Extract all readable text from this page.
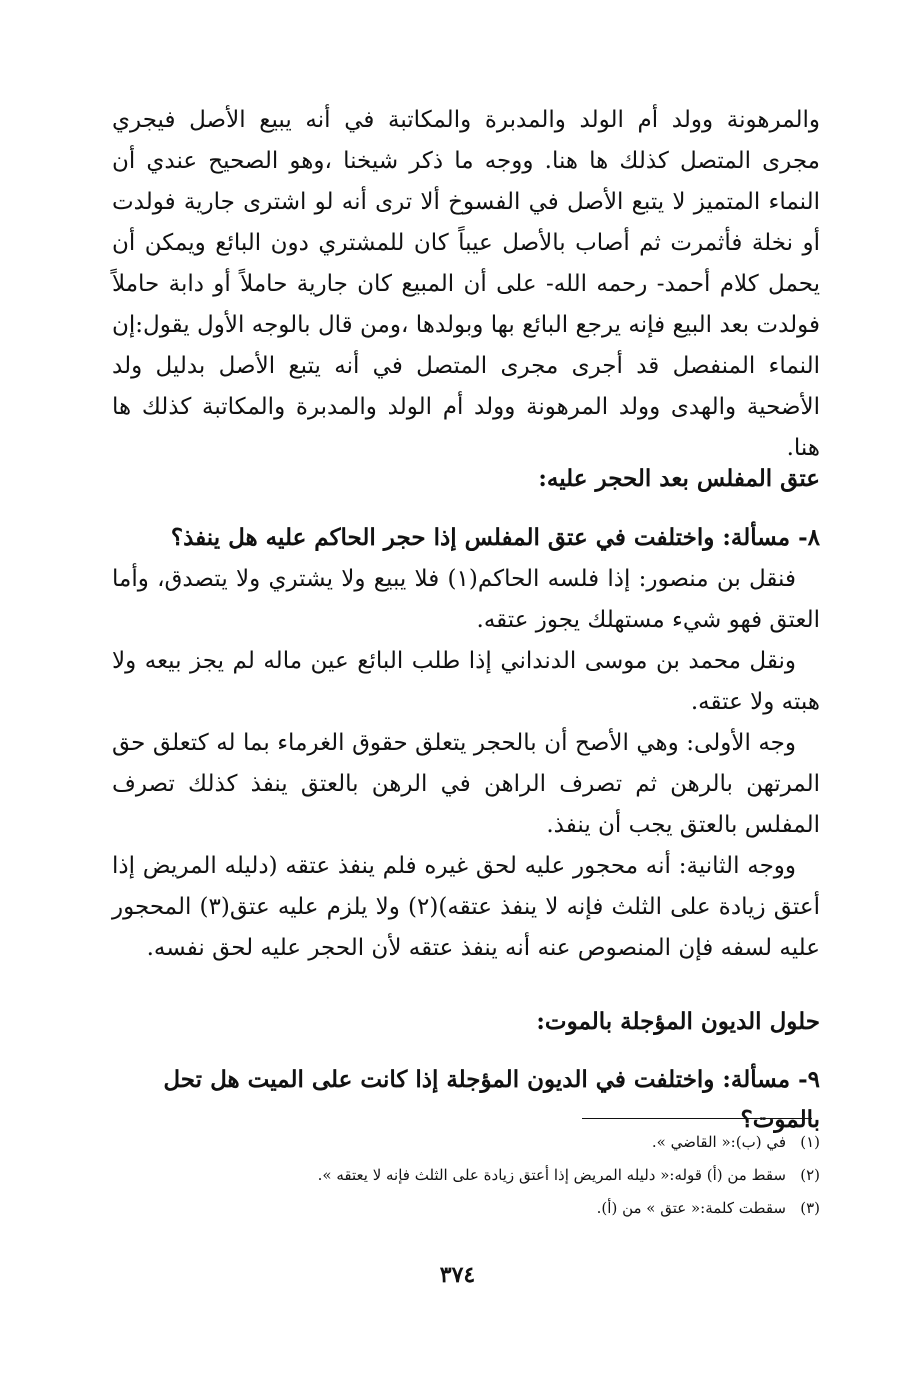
والمرهونة وولد أم الولد والمدبرة والمكاتبة في أنه يبيع الأصل فيجري مجرى المتصل كذلك ها هنا. ووجه ما ذكر شيخنا ،وهو الصحيح عندي أن النماء المتميز لا يتبع الأصل في الفسوخ ألا ترى أنه لو اشترى جارية فولدت أو نخلة فأثمرت ثم أصاب بالأصل عيباً كان للمشتري دون البائع ويمكن أن يحمل كلام أحمد- رحمه الله- على أن المبيع كان جارية حاملاً أو دابة حاملاً فولدت بعد البيع فإنه يرجع البائع بها وبولدها ،ومن قال بالوجه الأول يقول:إن النماء المنفصل قد أجرى مجرى المتصل في أنه يتبع الأصل بدليل ولد الأضحية والهدى وولد المرهونة وولد أم الولد والمدبرة والمكاتبة كذلك ها هنا.

عتق المفلس بعد الحجر عليه:

٨- مسألة: واختلفت في عتق المفلس إذا حجر الحاكم عليه هل ينفذ؟

فنقل بن منصور: إذا فلسه الحاكم(١) فلا يبيع ولا يشتري ولا يتصدق، وأما العتق فهو شيء مستهلك يجوز عتقه.

ونقل محمد بن موسى الدنداني إذا طلب البائع عين ماله لم يجز بيعه ولا هبته ولا عتقه.

وجه الأولى: وهي الأصح أن بالحجر يتعلق حقوق الغرماء بما له كتعلق حق المرتهن بالرهن ثم تصرف الراهن في الرهن بالعتق ينفذ كذلك تصرف المفلس بالعتق يجب أن ينفذ.

ووجه الثانية: أنه محجور عليه لحق غيره فلم ينفذ عتقه (دليله المريض إذا أعتق زيادة على الثلث فإنه لا ينفذ عتقه)(٢) ولا يلزم عليه عتق(٣) المحجور عليه لسفه فإن المنصوص عنه أنه ينفذ عتقه لأن الحجر عليه لحق نفسه.

حلول الديون المؤجلة بالموت:
٩- مسألة: واختلفت في الديون المؤجلة إذا كانت على الميت هل تحل بالموت؟
(١)
في (ب):« القاضي ».
(٢)
سقط من (أ) قوله:« دليله المريض إذا أعتق زيادة على الثلث فإنه لا يعتقه ».
(٣)
سقطت كلمة:« عتق » من (أ).
٣٧٤
